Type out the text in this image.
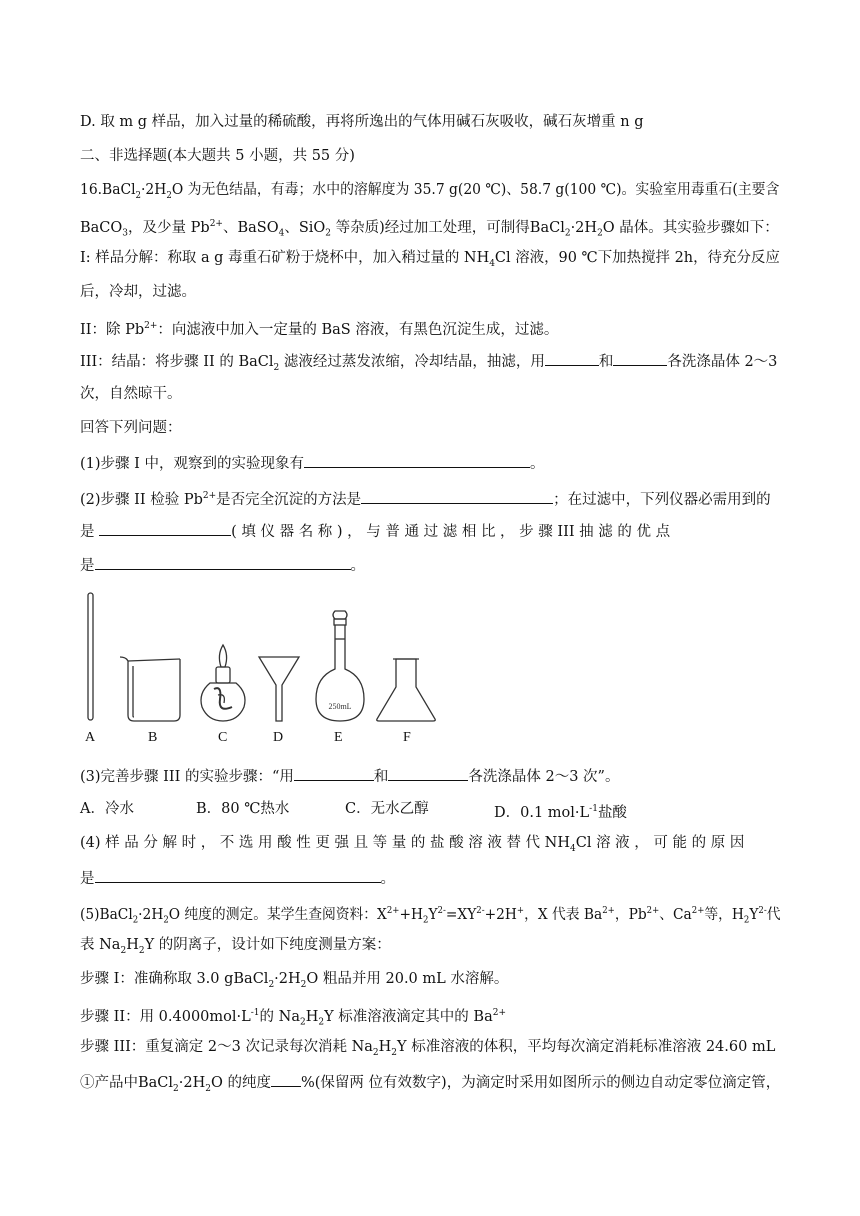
D. 取 m g 样品，加入过量的稀硫酸，再将所逸出的气体用碱石灰吸收，碱石灰增重 n g
二、非选择题(本大题共 5 小题，共 55 分)
$16.BaCl_2\cdot 2H_2O$ 为无色结晶，有毒；水中的溶解度为 35.7 g(20 ℃)、58.7 g(100 ℃)。实验室用毒重石(主要含
BaCO$_3$，及少量 $Pb^{2+}$、BaSO$_4$、SiO$_2$ 等杂质)经过加工处理，可制得$BaCl_2\cdot 2H_2O$ 晶体。其实验步骤如下：
I: 样品分解：称取 a g 毒重石矿粉于烧杯中，加入稍过量的 $NH_4Cl$ 溶液，90 ℃下加热搅拌 2h，待充分反应
后，冷却，过滤。
II：除 $Pb^{2+}$：向滤液中加入一定量的 BaS 溶液，有黑色沉淀生成，过滤。
III：结晶：将步骤 II 的 BaCl$_2$ 滤液经过蒸发浓缩，冷却结晶，抽滤，用	和	各洗涤晶体 2～3
次，自然晾干。
回答下列问题：
(1)步骤 I 中，观察到的实验现象有	。
(2)步骤 II 检验 $Pb^{2+}$是否完全沉淀的方法是	；在过滤中，下列仪器必需用到的
是	( 填 仪 器 名 称 ) ， 与 普 通 过 滤 相 比 ， 步 骤 III 抽 滤 的 优 点
是	。
250mL
A	B	C	D	E	F
(3)完善步骤 III 的实验步骤：“用	和	各洗涤晶体 2～3 次”。
A．冷水	B．80 ℃热水	C．无水乙醇	D．0.1 $mol\cdot L^{-1}$盐酸
(4) 样 品 分 解 时 ， 不 选 用 酸 性 更 强 且 等 量 的 盐 酸 溶 液 替 代 $NH_4Cl$ 溶 液 ， 可 能 的 原 因
是	。
$(5)BaCl_2\cdot 2H_2O$ 纯度的测定。某学生查阅资料：$X^{2+}+H_2Y^{2-}=XY^{2-}+2H^+$，X 代表 $Ba^{2+}$，$Pb^{2+}$、$Ca^{2+}$等，$H_2Y^{2-}$代
表 $Na_2H_2Y$ 的阴离子，设计如下纯度测量方案：
步骤 I：准确称取 3.0 $gBaCl_2\cdot 2H_2O$ 粗品并用 20.0 mL 水溶解。
步骤 II：用 $0.4000mol\cdot L^{-1}$的 $Na_2H_2Y$ 标准溶液滴定其中的 $Ba^{2+}$
步骤 III：重复滴定 2～3 次记录每次消耗 $Na_2H_2Y$ 标准溶液的体积，平均每次滴定消耗标准溶液 24.60 mL
①产品中$BaCl_2\cdot 2H_2O$ 的纯度 %(保留两 位有效数字)，为滴定时采用如图所示的侧边自动定零位滴定管，
